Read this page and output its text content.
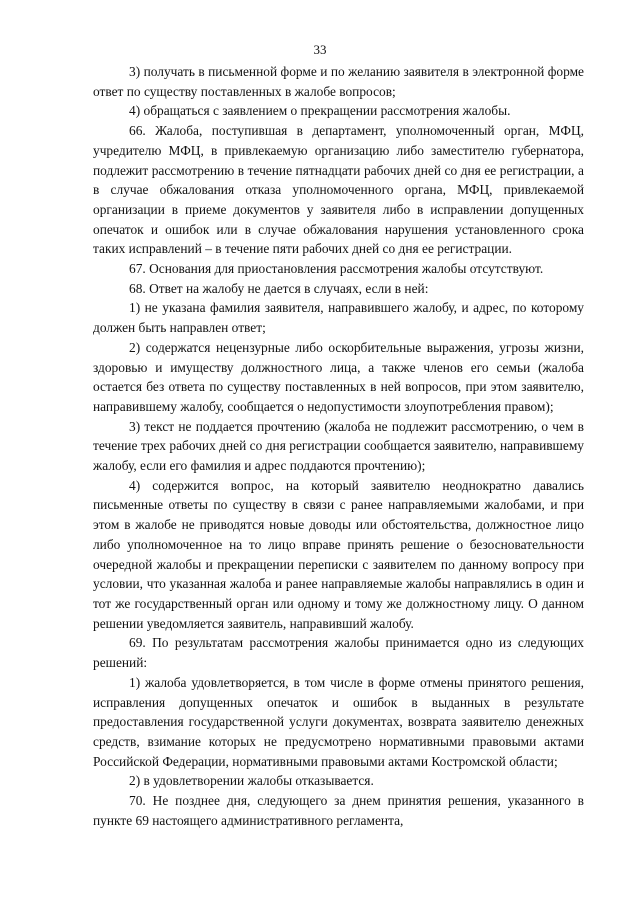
33

3) получать в письменной форме и по желанию заявителя в электронной форме ответ по существу поставленных в жалобе вопросов;

4) обращаться с заявлением о прекращении рассмотрения жалобы.

66. Жалоба, поступившая в департамент, уполномоченный орган, МФЦ, учредителю МФЦ, в привлекаемую организацию либо заместителю губернатора, подлежит рассмотрению в течение пятнадцати рабочих дней со дня ее регистрации, а в случае обжалования отказа уполномоченного органа, МФЦ, привлекаемой организации в приеме документов у заявителя либо в исправлении допущенных опечаток и ошибок или в случае обжалования нарушения установленного срока таких исправлений – в течение пяти рабочих дней со дня ее регистрации.

67. Основания для приостановления рассмотрения жалобы отсутствуют.

68. Ответ на жалобу не дается в случаях, если в ней:

1) не указана фамилия заявителя, направившего жалобу, и адрес, по которому должен быть направлен ответ;

2) содержатся нецензурные либо оскорбительные выражения, угрозы жизни, здоровью и имуществу должностного лица, а также членов его семьи (жалоба остается без ответа по существу поставленных в ней вопросов, при этом заявителю, направившему жалобу, сообщается о недопустимости злоупотребления правом);

3) текст не поддается прочтению (жалоба не подлежит рассмотрению, о чем в течение трех рабочих дней со дня регистрации сообщается заявителю, направившему жалобу, если его фамилия и адрес поддаются прочтению);

4) содержится вопрос, на который заявителю неоднократно давались письменные ответы по существу в связи с ранее направляемыми жалобами, и при этом в жалобе не приводятся новые доводы или обстоятельства, должностное лицо либо уполномоченное на то лицо вправе принять решение о безосновательности очередной жалобы и прекращении переписки с заявителем по данному вопросу при условии, что указанная жалоба и ранее направляемые жалобы направлялись в один и тот же государственный орган или одному и тому же должностному лицу. О данном решении уведомляется заявитель, направивший жалобу.

69. По результатам рассмотрения жалобы принимается одно из следующих решений:

1) жалоба удовлетворяется, в том числе в форме отмены принятого решения, исправления допущенных опечаток и ошибок в выданных в результате предоставления государственной услуги документах, возврата заявителю денежных средств, взимание которых не предусмотрено нормативными правовыми актами Российской Федерации, нормативными правовыми актами Костромской области;

2) в удовлетворении жалобы отказывается.

70. Не позднее дня, следующего за днем принятия решения, указанного в пункте 69 настоящего административного регламента,
